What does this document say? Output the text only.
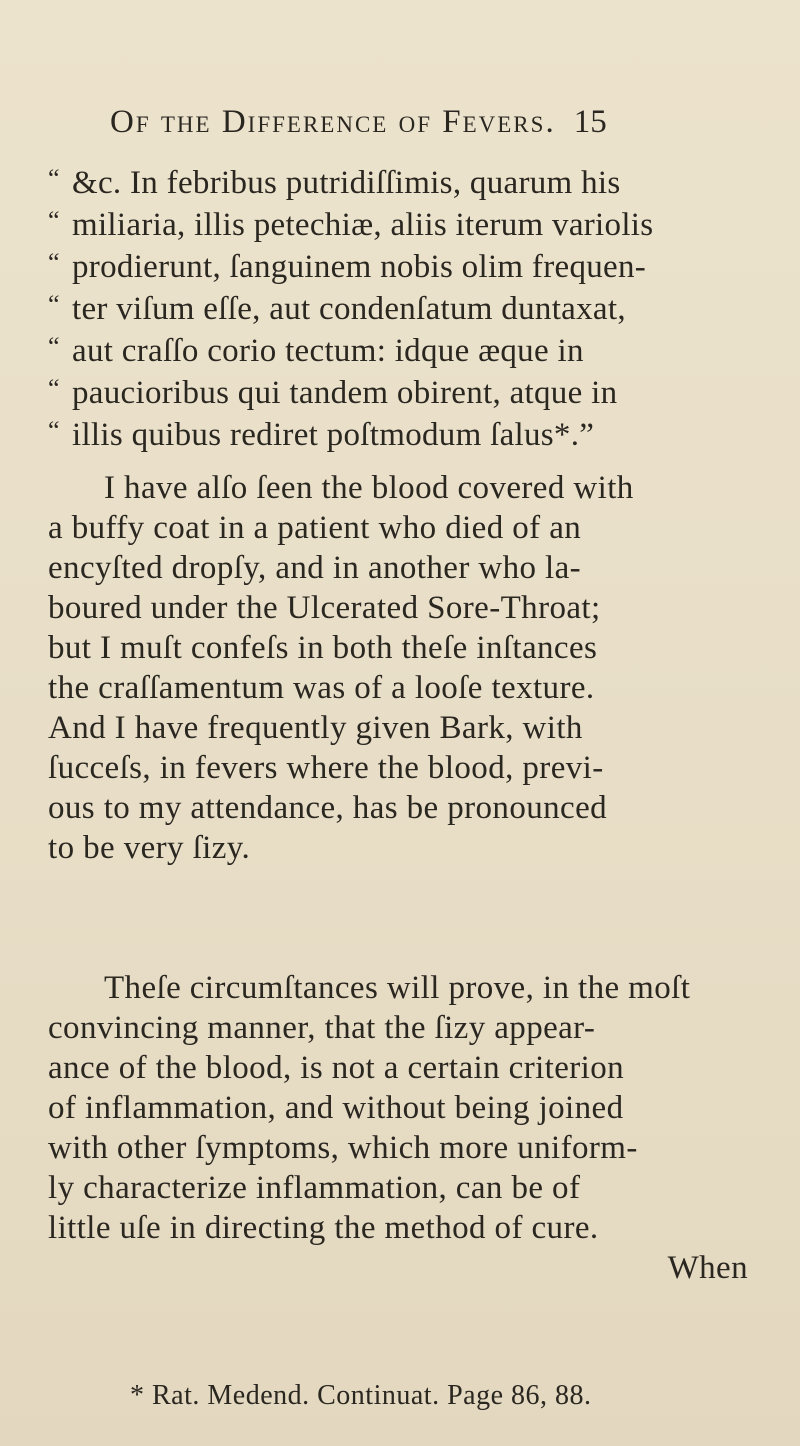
Of the Difference of Fevers. 15
“ &c. In febribus putridiſſimis, quarum his
“ miliaria, illis petechiæ, aliis iterum variolis
“ prodierunt, ſanguinem nobis olim frequen-
“ ter viſum eſſe, aut condenſatum duntaxat,
“ aut craſſo corio tectum: idque æque in
“ paucioribus qui tandem obirent, atque in
“ illis quibus rediret poſtmodum ſalus*.”
I have alſo ſeen the blood covered with
a buffy coat in a patient who died of an
encyſted dropſy, and in another who la-
boured under the Ulcerated Sore-Throat;
but I muſt confeſs in both theſe inſtances
the craſſamentum was of a looſe texture.
And I have frequently given Bark, with
ſucceſs, in fevers where the blood, previ-
ous to my attendance, has be pronounced
to be very ſizy.
Theſe circumſtances will prove, in the moſt
convincing manner, that the ſizy appear-
ance of the blood, is not a certain criterion
of inflammation, and without being joined
with other ſymptoms, which more uniform-
ly characterize inflammation, can be of
little uſe in directing the method of cure.
When
* Rat. Medend. Continuat. Page 86, 88.
